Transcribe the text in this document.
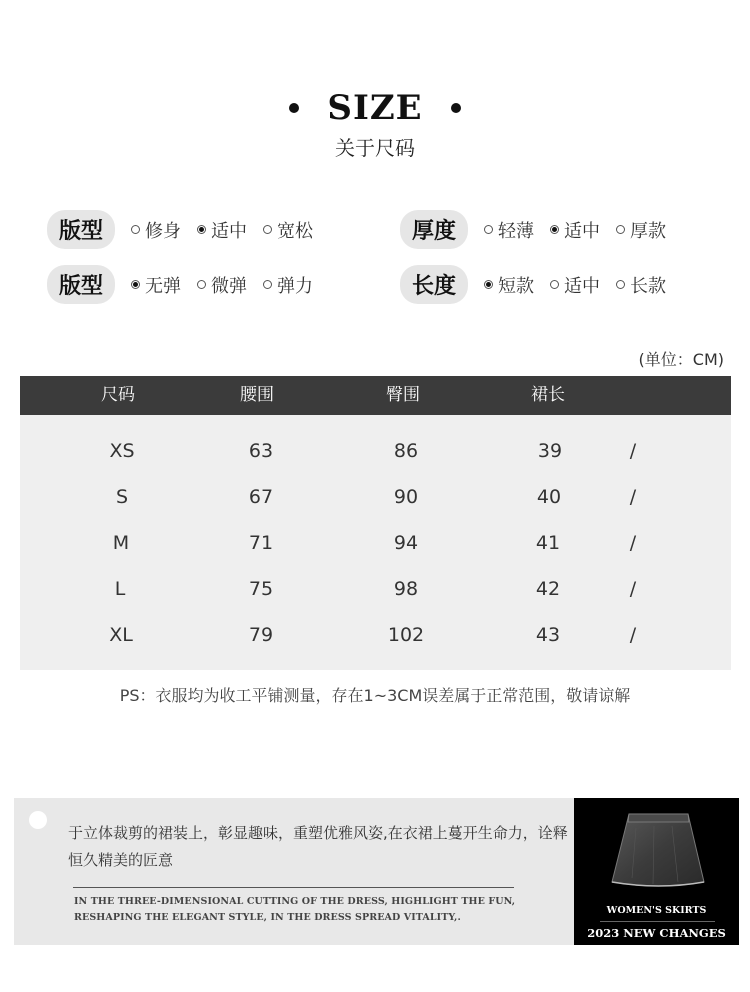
SIZE
关于尺码
版型	修身 适中 宽松	厚度	轻薄 适中 厚款
版型	无弹 微弹 弹力	长度	短款 适中 长款
(单位：CM)
尺码	腰围	臀围	裙长
XS	63	86	39	/
S	67	90	40	/
M	71	94	41	/
L	75	98	42	/
XL	79	102	43	/
PS：衣服均为收工平铺测量，存在1~3CM误差属于正常范围，敬请谅解
于立体裁剪的裙装上，彰显趣味，重塑优雅风姿,在衣裙上蔓开生命力，诠释恒久精美的匠意
IN THE THREE-DIMENSIONAL CUTTING OF THE DRESS, HIGHLIGHT THE FUN, RESHAPING THE ELEGANT STYLE, IN THE DRESS SPREAD VITALITY,.
WOMEN'S SKIRTS
2023 NEW CHANGES
